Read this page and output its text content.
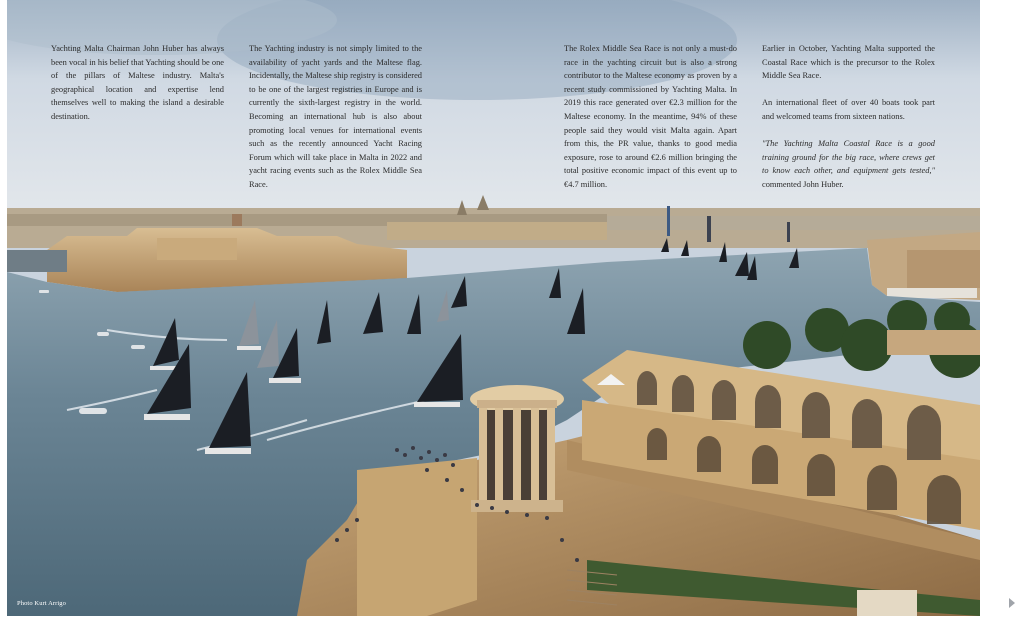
Yachting Malta Chairman John Huber has always been vocal in his belief that Yachting should be one of the pillars of Maltese industry. Malta's geographical location and expertise lend themselves well to making the island a desirable destination.

The Yachting industry is not simply limited to the availability of yacht yards and the Maltese flag. Incidentally, the Maltese ship registry is considered to be one of the largest registries in Europe and is currently the sixth-largest registry in the world. Becoming an international hub is also about promoting local venues for international events such as the recently announced Yacht Racing Forum which will take place in Malta in 2022 and yacht racing events such as the Rolex Middle Sea Race.

The Rolex Middle Sea Race is not only a must-do race in the yachting circuit but is also a strong contributor to the Maltese economy as proven by a recent study commissioned by Yachting Malta. In 2019 this race generated over €2.3 million for the Maltese economy. In the meantime, 94% of these people said they would visit Malta again. Apart from this, the PR value, thanks to good media exposure, rose to around €2.6 million bringing the total positive economic impact of this event up to €4.7 million.

Earlier in October, Yachting Malta supported the Coastal Race which is the precursor to the Rolex Middle Sea Race.

An international fleet of over 40 boats took part and welcomed teams from sixteen nations.

"The Yachting Malta Coastal Race is a good training ground for the big race, where crews get to know each other, and equipment gets tested," commented John Huber.

Photo Kurt Arrigo
